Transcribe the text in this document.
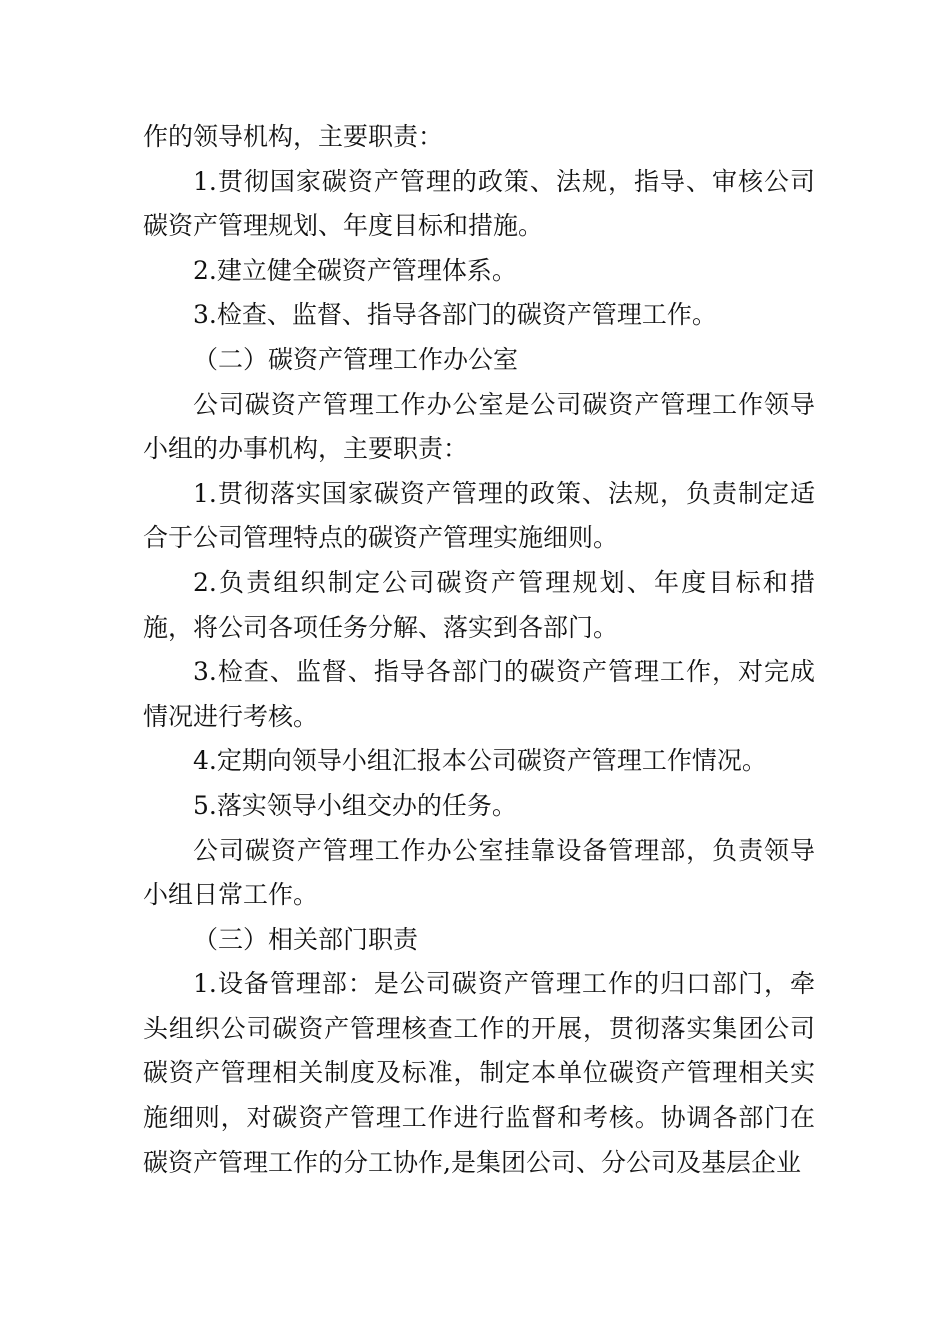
作的领导机构，主要职责：

1.贯彻国家碳资产管理的政策、法规，指导、审核公司碳资产管理规划、年度目标和措施。

2.建立健全碳资产管理体系。

3.检查、监督、指导各部门的碳资产管理工作。

（二）碳资产管理工作办公室

公司碳资产管理工作办公室是公司碳资产管理工作领导小组的办事机构，主要职责：

1.贯彻落实国家碳资产管理的政策、法规，负责制定适合于公司管理特点的碳资产管理实施细则。

2.负责组织制定公司碳资产管理规划、年度目标和措施，将公司各项任务分解、落实到各部门。

3.检查、监督、指导各部门的碳资产管理工作，对完成情况进行考核。

4.定期向领导小组汇报本公司碳资产管理工作情况。

5.落实领导小组交办的任务。

公司碳资产管理工作办公室挂靠设备管理部，负责领导小组日常工作。

（三）相关部门职责

1.设备管理部：是公司碳资产管理工作的归口部门，牵头组织公司碳资产管理核查工作的开展，贯彻落实集团公司碳资产管理相关制度及标准，制定本单位碳资产管理相关实施细则，对碳资产管理工作进行监督和考核。协调各部门在碳资产管理工作的分工协作,是集团公司、分公司及基层企业
